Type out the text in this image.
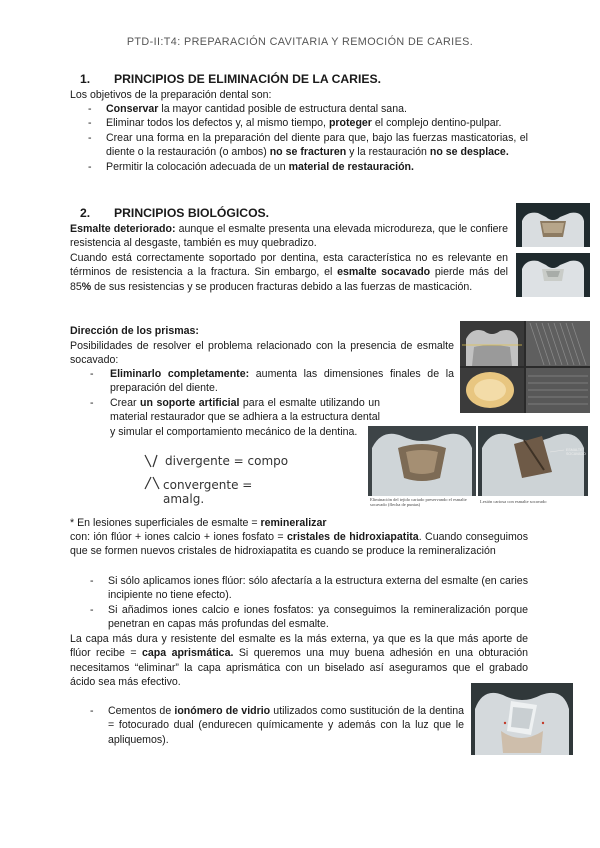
PTD-II:T4: PREPARACIÓN CAVITARIA Y REMOCIÓN DE CARIES.
1. PRINCIPIOS DE ELIMINACIÓN DE LA CARIES.

Los objetivos de la preparación dental son:

- Conservar la mayor cantidad posible de estructura dental sana.
- Eliminar todos los defectos y, al mismo tiempo, proteger el complejo dentino-pulpar.
- Crear una forma en la preparación del diente para que, bajo las fuerzas masticatorias, el diente o la restauración (o ambos) no se fracturen y la restauración no se desplace.
- Permitir la colocación adecuada de un material de restauración.
2. PRINCIPIOS BIOLÓGICOS.

Esmalte deteriorado: aunque el esmalte presenta una elevada microdureza, que le confiere resistencia al desgaste, también es muy quebradizo.

Cuando está correctamente soportado por dentina, esta característica no es relevante en términos de resistencia a la fractura. Sin embargo, el esmalte socavado pierde más del 85% de sus resistencias y se producen fracturas debido a las fuerzas de masticación.

Dirección de los prismas:

Posibilidades de resolver el problema relacionado con la presencia de esmalte socavado:

- Eliminarlo completamente: aumenta las dimensiones finales de la preparación del diente.
- Crear un soporte artificial para el esmalte utilizando un material restaurador que se adhiera a la estructura dental y simular el comportamiento mecánico de la dentina.
Eliminación del tejido cariado preservando el esmalte socavado (flecha de puntas)
ESMALTE SOCAVADO
Lesión cariosa con esmalte socavado
divergente = compo
convergente = amalg.

* En lesiones superficiales de esmalte = remineralizar

con: ión flúor + iones calcio + iones fosfato = cristales de hidroxiapatita. Cuando conseguimos que se formen nuevos cristales de hidroxiapatita es cuando se produce la remineralización

- Si sólo aplicamos iones flúor: sólo afectaría a la estructura externa del esmalte (en caries incipiente no tiene efecto).
- Si añadimos iones calcio e iones fosfatos: ya conseguimos la remineralización porque penetran en capas más profundas del esmalte.

La capa más dura y resistente del esmalte es la más externa, ya que es la que más aporte de flúor recibe = capa aprismática. Si queremos una muy buena adhesión en una obturación necesitamos “eliminar” la capa aprismática con un biselado así aseguramos que el grabado ácido sea más efectivo.

- Cementos de ionómero de vidrio utilizados como sustitución de la dentina = fotocurado dual (endurecen químicamente y además con la luz que le apliquemos).
